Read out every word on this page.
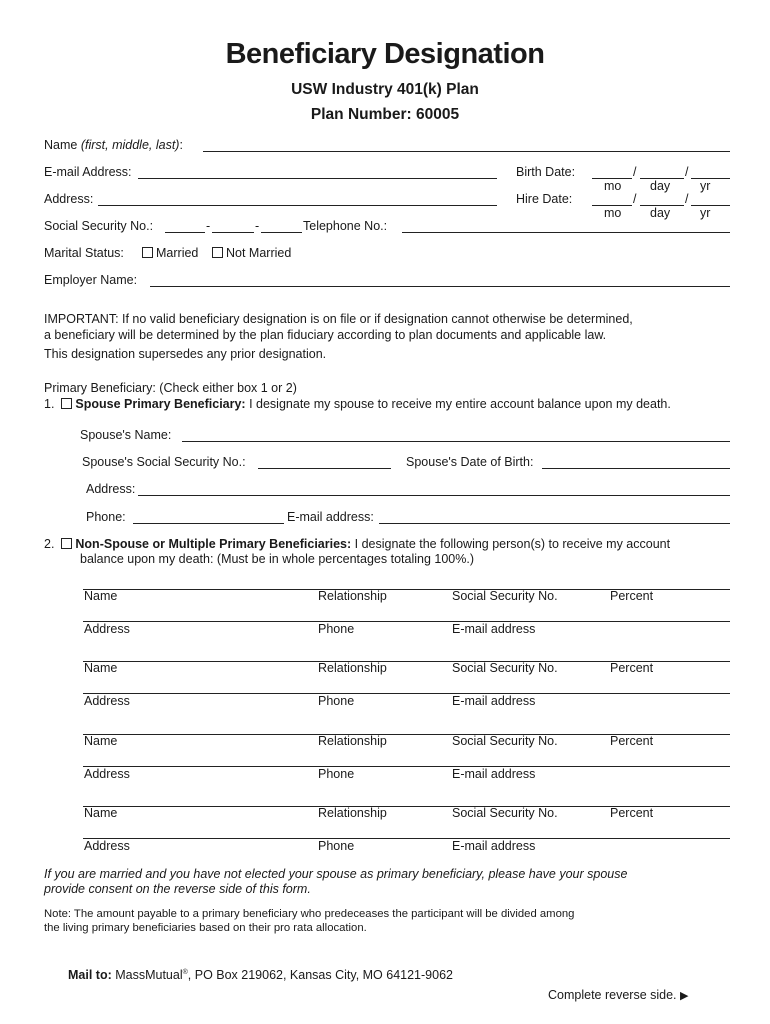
Beneficiary Designation
USW Industry 401(k) Plan
Plan Number: 60005
Name (first, middle, last):
E-mail Address:	Birth Date:	/	/
mo day yr
Address:	Hire Date:	/	/
mo day yr
Social Security No.:	-	-	Telephone No.:
Marital Status:	Married	Not Married
Employer Name:
IMPORTANT: If no valid beneficiary designation is on file or if designation cannot otherwise be determined,
a beneficiary will be determined by the plan fiduciary according to plan documents and applicable law.
This designation supersedes any prior designation.
Primary Beneficiary: (Check either box 1 or 2)
1. Spouse Primary Beneficiary: I designate my spouse to receive my entire account balance upon my death.
Spouse's Name:
Spouse's Social Security No.:	Spouse's Date of Birth:
Address:
Phone:	E-mail address:
2. Non-Spouse or Multiple Primary Beneficiaries: I designate the following person(s) to receive my account
balance upon my death: (Must be in whole percentages totaling 100%.)
Name	Relationship	Social Security No.	Percent
Address	Phone	E-mail address
Name	Relationship	Social Security No.	Percent
Address	Phone	E-mail address
Name	Relationship	Social Security No.	Percent
Address	Phone	E-mail address
Name	Relationship	Social Security No.	Percent
Address	Phone	E-mail address
If you are married and you have not elected your spouse as primary beneficiary, please have your spouse
provide consent on the reverse side of this form.
Note: The amount payable to a primary beneficiary who predeceases the participant will be divided among
the living primary beneficiaries based on their pro rata allocation.
Mail to: MassMutual®, PO Box 219062, Kansas City, MO 64121-9062
Complete reverse side. ▶
